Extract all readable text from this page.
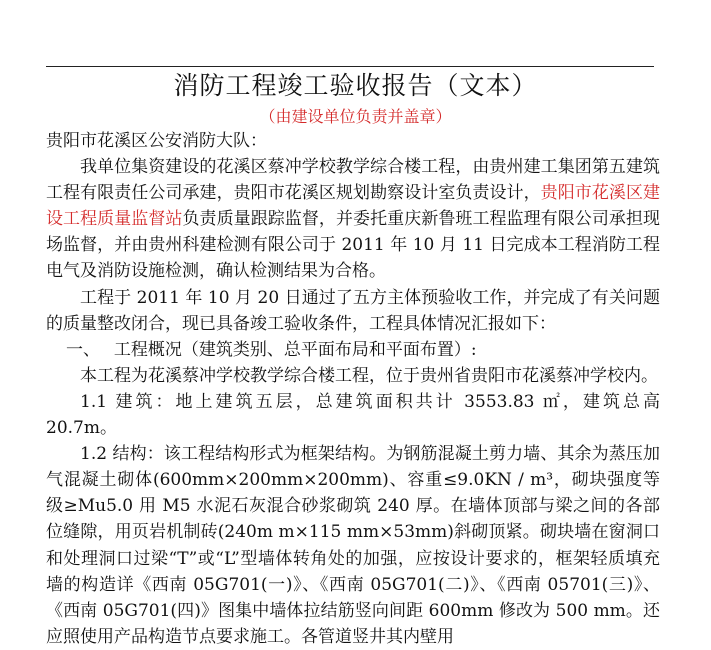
消防工程竣工验收报告（文本）
（由建设单位负责并盖章）

贵阳市花溪区公安消防大队：

我单位集资建设的花溪区蔡冲学校教学综合楼工程，由贵州建工集团第五建筑工程有限责任公司承建，贵阳市花溪区规划勘察设计室负责设计，贵阳市花溪区建设工程质量监督站负责质量跟踪监督，并委托重庆新鲁班工程监理有限公司承担现场监督，并由贵州科建检测有限公司于 2011 年 10 月 11 日完成本工程消防工程电气及消防设施检测，确认检测结果为合格。

工程于 2011 年 10 月 20 日通过了五方主体预验收工作，并完成了有关问题的质量整改闭合，现已具备竣工验收条件，工程具体情况汇报如下：

一、　 工程概况（建筑类别、总平面布局和平面布置）:

本工程为花溪蔡冲学校教学综合楼工程，位于贵州省贵阳市花溪蔡冲学校内。

1.1 建筑：地上建筑五层，总建筑面积共计 3553.83 ㎡，建筑总高 20.7m。

1.2 结构：该工程结构形式为框架结构。为钢筋混凝土剪力墙、其余为蒸压加气混凝土砌体(600mm×200mm×200mm)、容重≤9.0KN / m³，砌块强度等级≥Mu5.0 用 M5 水泥石灰混合砂浆砌筑 240 厚。在墙体顶部与梁之间的各部位缝隙，用页岩机制砖(240m m×115 mm×53mm)斜砌顶紧。砌块墙在窗洞口和处理洞口过梁“T”或“L”型墙体转角处的加强，应按设计要求的，框架轻质填充墙的构造详《西南 05G701(一)》、《西南 05G701(二)》、《西南 05701(三)》、《西南 05G701(四)》图集中墙体拉结筋竖向间距 600mm 修改为 500 mm。还应照使用产品构造节点要求施工。各管道竖井其内壁用
